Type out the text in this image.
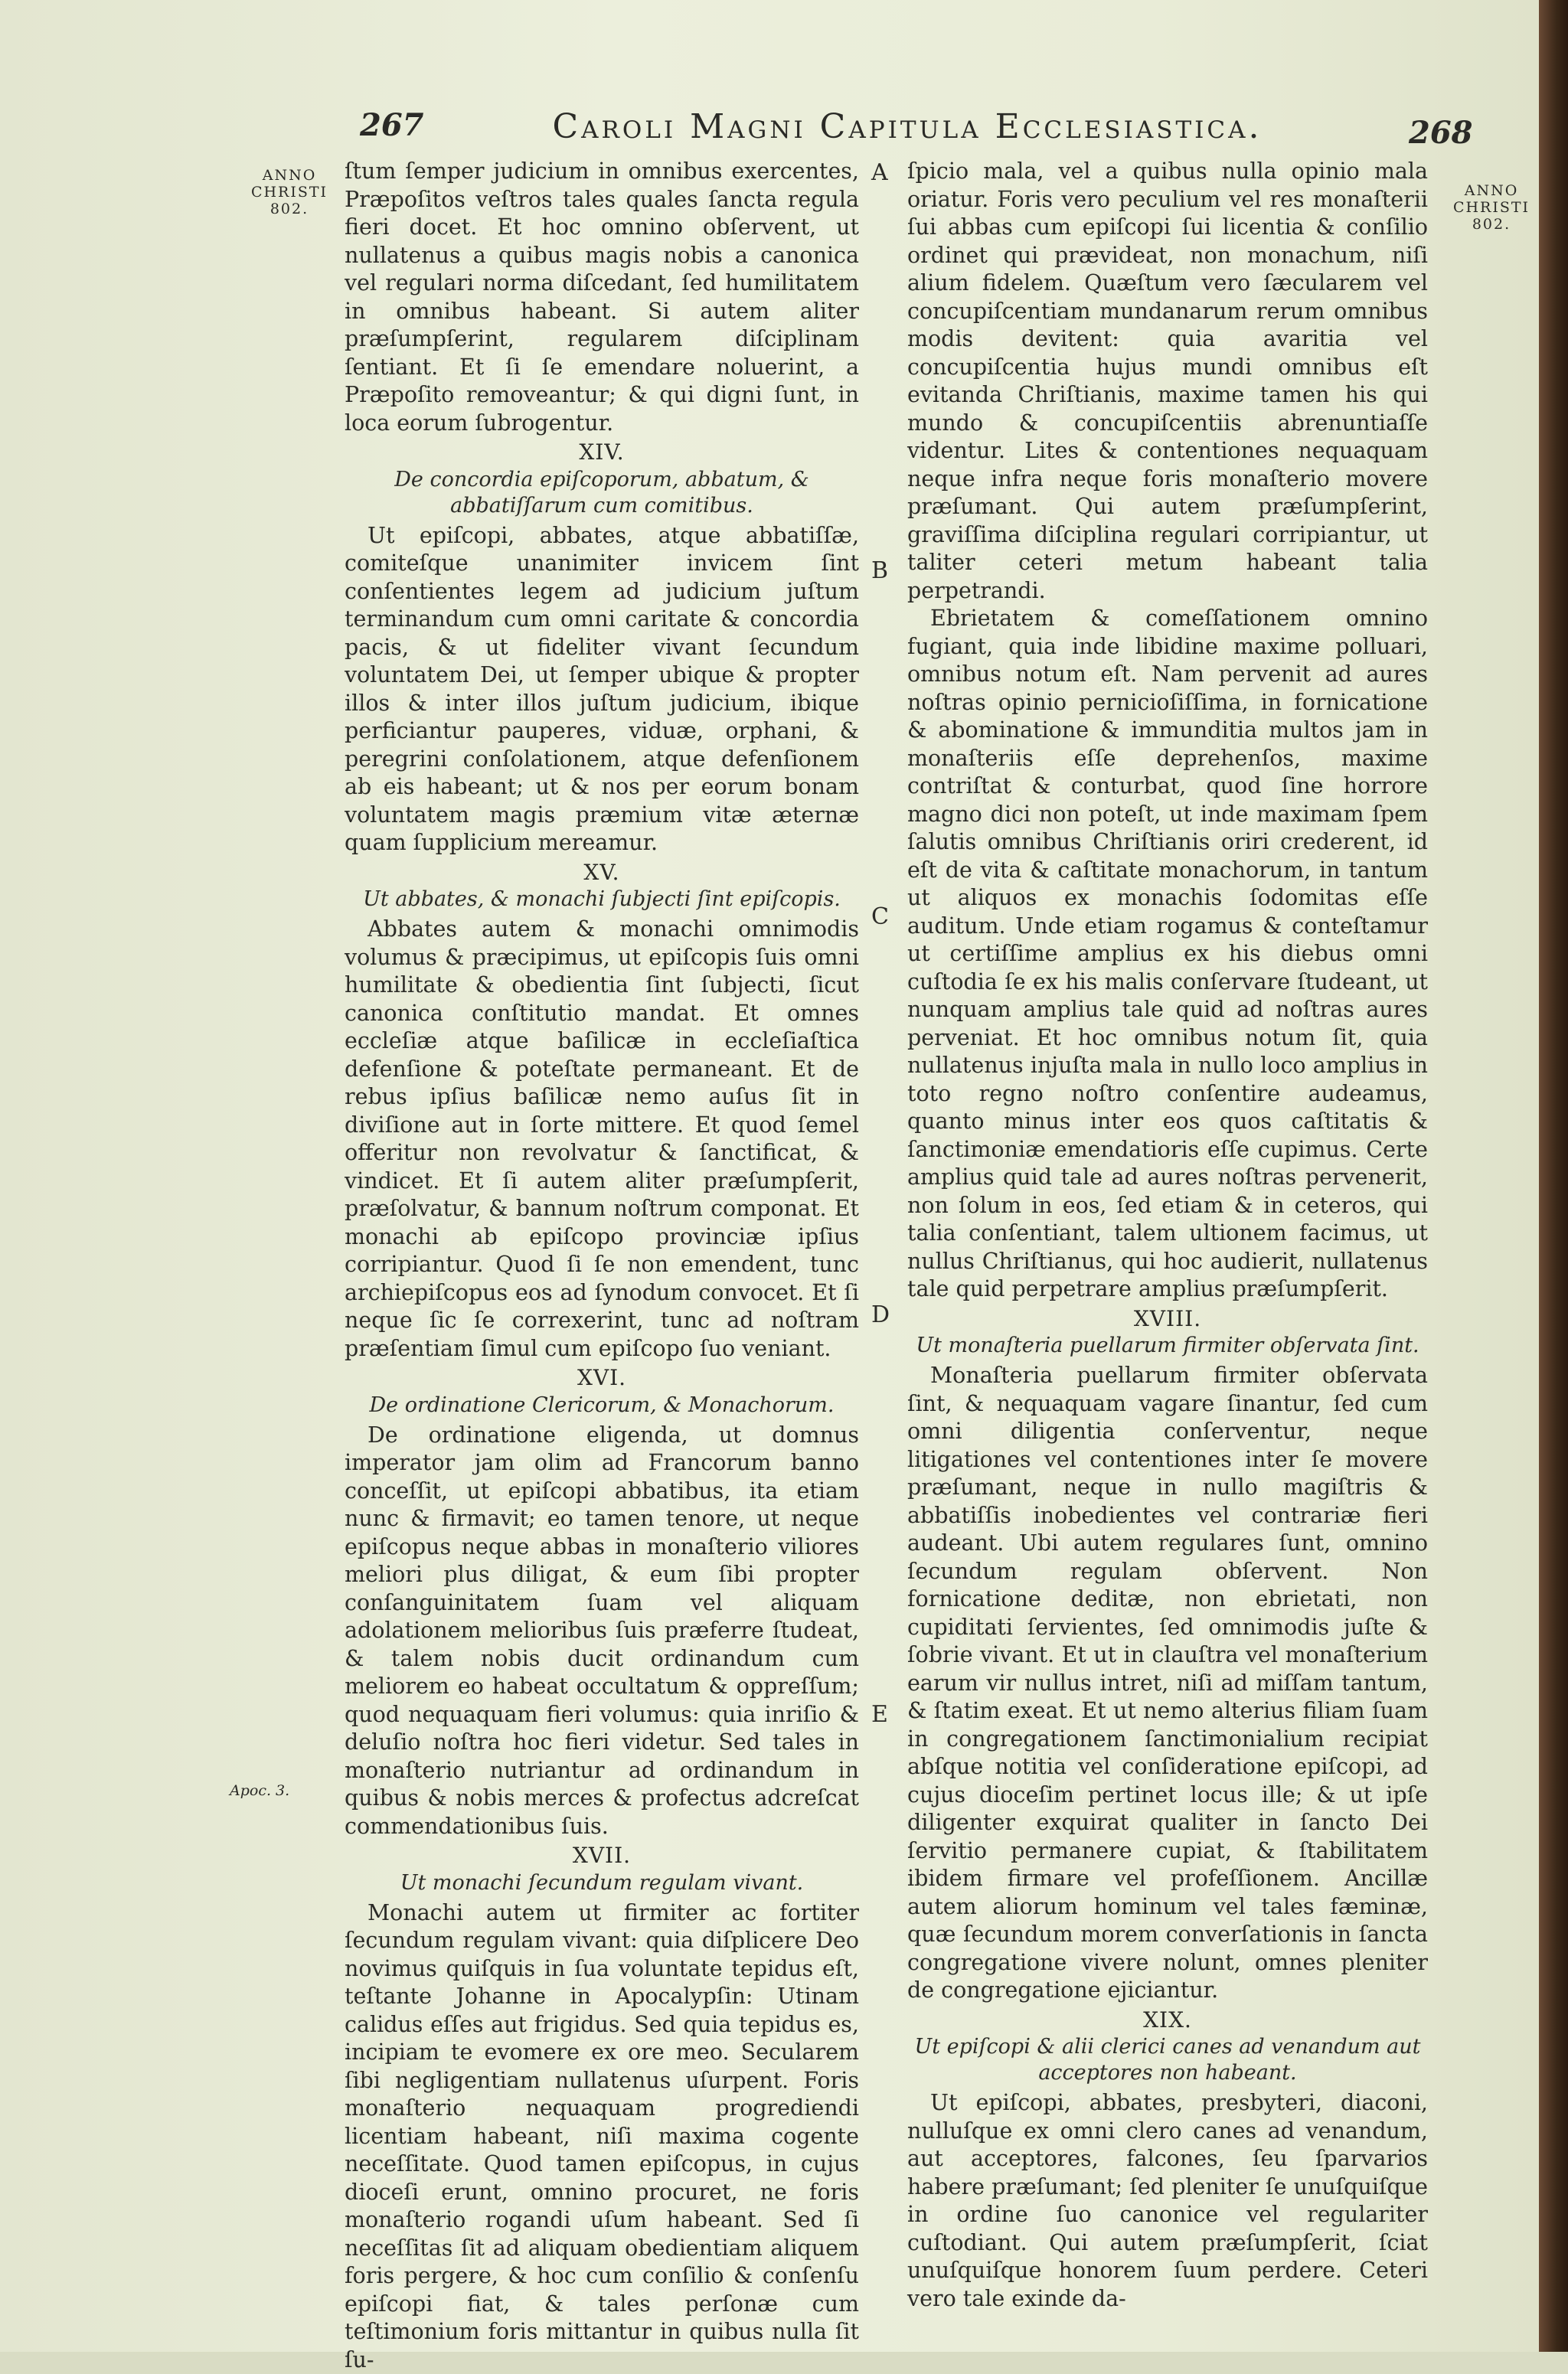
267	Caroli Magni Capitula Ecclesiastica.	268
ANNO
CHRISTI
802.
ANNO
CHRISTI
802.
Apoc. 3.
A
B
C
D
E

ſtum ſemper judicium in omnibus exercentes, Præpoſitos veſtros tales quales ſancta regula fieri docet. Et hoc omnino obſervent, ut nullatenus a quibus magis nobis a canonica vel regulari norma diſcedant, ſed humilitatem in omnibus habeant. Si autem aliter præſumpſerint, regularem diſciplinam ſentiant. Et ſi ſe emendare noluerint, a Præpoſito removeantur; & qui digni ſunt, in loca eorum ſubrogentur.

XIV.
De concordia epiſcoporum, abbatum, & abbatiſſarum cum comitibus.

Ut epiſcopi, abbates, atque abbatiſſæ, comiteſque unanimiter invicem ſint conſentientes legem ad judicium juſtum terminandum cum omni caritate & concordia pacis, & ut fideliter vivant ſecundum voluntatem Dei, ut ſemper ubique & propter illos & inter illos juſtum judicium, ibique perficiantur pauperes, viduæ, orphani, & peregrini conſolationem, atque defenſionem ab eis habeant; ut & nos per eorum bonam voluntatem magis præmium vitæ æternæ quam ſupplicium mereamur.

XV.
Ut abbates, & monachi ſubjecti ſint epiſcopis.

Abbates autem & monachi omnimodis volumus & præcipimus, ut epiſcopis ſuis omni humilitate & obedientia ſint ſubjecti, ſicut canonica conſtitutio mandat. Et omnes eccleſiæ atque baſilicæ in eccleſiaſtica defenſione & poteſtate permaneant. Et de rebus ipſius baſilicæ nemo auſus ſit in diviſione aut in ſorte mittere. Et quod ſemel offeritur non revolvatur & ſanctificat, & vindicet. Et ſi autem aliter præſumpſerit, præſolvatur, & bannum noſtrum componat. Et monachi ab epiſcopo provinciæ ipſius corripiantur. Quod ſi ſe non emendent, tunc archiepiſcopus eos ad ſynodum convocet. Et ſi neque ſic ſe correxerint, tunc ad noſtram præſentiam ſimul cum epiſcopo ſuo veniant.

XVI.
De ordinatione Clericorum, & Monachorum.

De ordinatione eligenda, ut domnus imperator jam olim ad Francorum banno conceſſit, ut epiſcopi abbatibus, ita etiam nunc & firmavit; eo tamen tenore, ut neque epiſcopus neque abbas in monaſterio viliores meliori plus diligat, & eum ſibi propter conſanguinitatem ſuam vel aliquam adolationem melioribus ſuis præferre ſtudeat, & talem nobis ducit ordinandum cum meliorem eo habeat occultatum & oppreſſum; quod nequaquam fieri volumus: quia inriſio & deluſio noſtra hoc fieri videtur. Sed tales in monaſterio nutriantur ad ordinandum in quibus & nobis merces & profectus adcreſcat commendationibus ſuis.

XVII.
Ut monachi ſecundum regulam vivant.

Monachi autem ut firmiter ac fortiter ſecundum regulam vivant: quia diſplicere Deo novimus quiſquis in ſua voluntate tepidus eſt, teſtante Johanne in Apocalypſin: Utinam calidus eſſes aut frigidus. Sed quia tepidus es, incipiam te evomere ex ore meo. Secularem ſibi negligentiam nullatenus uſurpent. Foris monaſterio nequaquam progrediendi licentiam habeant, niſi maxima cogente neceſſitate. Quod tamen epiſcopus, in cujus dioceſi erunt, omnino procuret, ne foris monaſterio rogandi uſum habeant. Sed ſi neceſſitas ſit ad aliquam obedientiam aliquem foris pergere, & hoc cum conſilio & conſenſu epiſcopi fiat, & tales perſonæ cum teſtimonium foris mittantur in quibus nulla ſit ſu-

ſpicio mala, vel a quibus nulla opinio mala oriatur. Foris vero peculium vel res monaſterii ſui abbas cum epiſcopi ſui licentia & conſilio ordinet qui prævideat, non monachum, niſi alium fidelem. Quæſtum vero ſæcularem vel concupiſcentiam mundanarum rerum omnibus modis devitent: quia avaritia vel concupiſcentia hujus mundi omnibus eſt evitanda Chriſtianis, maxime tamen his qui mundo & concupiſcentiis abrenuntiaſſe videntur. Lites & contentiones nequaquam neque infra neque foris monaſterio movere præſumant. Qui autem præſumpſerint, graviſſima diſciplina regulari corripiantur, ut taliter ceteri metum habeant talia perpetrandi.

Ebrietatem & comeſſationem omnino fugiant, quia inde libidine maxime polluari, omnibus notum eſt. Nam pervenit ad aures noſtras opinio pernicioſiſſima, in fornicatione & abominatione & immunditia multos jam in monaſteriis eſſe deprehenſos, maxime contriſtat & conturbat, quod ſine horrore magno dici non poteſt, ut inde maximam ſpem ſalutis omnibus Chriſtianis oriri crederent, id eſt de vita & caſtitate monachorum, in tantum ut aliquos ex monachis ſodomitas eſſe auditum. Unde etiam rogamus & conteſtamur ut certiſſime amplius ex his diebus omni cuſtodia ſe ex his malis conſervare ſtudeant, ut nunquam amplius tale quid ad noſtras aures perveniat. Et hoc omnibus notum ſit, quia nullatenus injuſta mala in nullo loco amplius in toto regno noſtro conſentire audeamus, quanto minus inter eos quos caſtitatis & ſanctimoniæ emendatioris eſſe cupimus. Certe amplius quid tale ad aures noſtras pervenerit, non ſolum in eos, ſed etiam & in ceteros, qui talia conſentiant, talem ultionem facimus, ut nullus Chriſtianus, qui hoc audierit, nullatenus tale quid perpetrare amplius præſumpſerit.

XVIII.
Ut monaſteria puellarum firmiter obſervata ſint.

Monaſteria puellarum firmiter obſervata ſint, & nequaquam vagare ſinantur, ſed cum omni diligentia conſerventur, neque litigationes vel contentiones inter ſe movere præſumant, neque in nullo magiſtris & abbatiſſis inobedientes vel contrariæ fieri audeant. Ubi autem regulares ſunt, omnino ſecundum regulam obſervent. Non fornicatione deditæ, non ebrietati, non cupiditati ſervientes, ſed omnimodis juſte & ſobrie vivant. Et ut in clauſtra vel monaſterium earum vir nullus intret, niſi ad miſſam tantum, & ſtatim exeat. Et ut nemo alterius filiam ſuam in congregationem ſanctimonialium recipiat abſque notitia vel conſideratione epiſcopi, ad cujus dioceſim pertinet locus ille; & ut ipſe diligenter exquirat qualiter in ſancto Dei ſervitio permanere cupiat, & ſtabilitatem ibidem firmare vel profeſſionem. Ancillæ autem aliorum hominum vel tales fæminæ, quæ ſecundum morem converſationis in ſancta congregatione vivere nolunt, omnes pleniter de congregatione ejiciantur.

XIX.
Ut epiſcopi & alii clerici canes ad venandum aut acceptores non habeant.

Ut epiſcopi, abbates, presbyteri, diaconi, nulluſque ex omni clero canes ad venandum, aut acceptores, falcones, ſeu ſparvarios habere præſumant; ſed pleniter ſe unuſquiſque in ordine ſuo canonice vel regulariter cuſtodiant. Qui autem præſumpſerit, ſciat unuſquiſque honorem ſuum perdere. Ceteri vero tale exinde da-
